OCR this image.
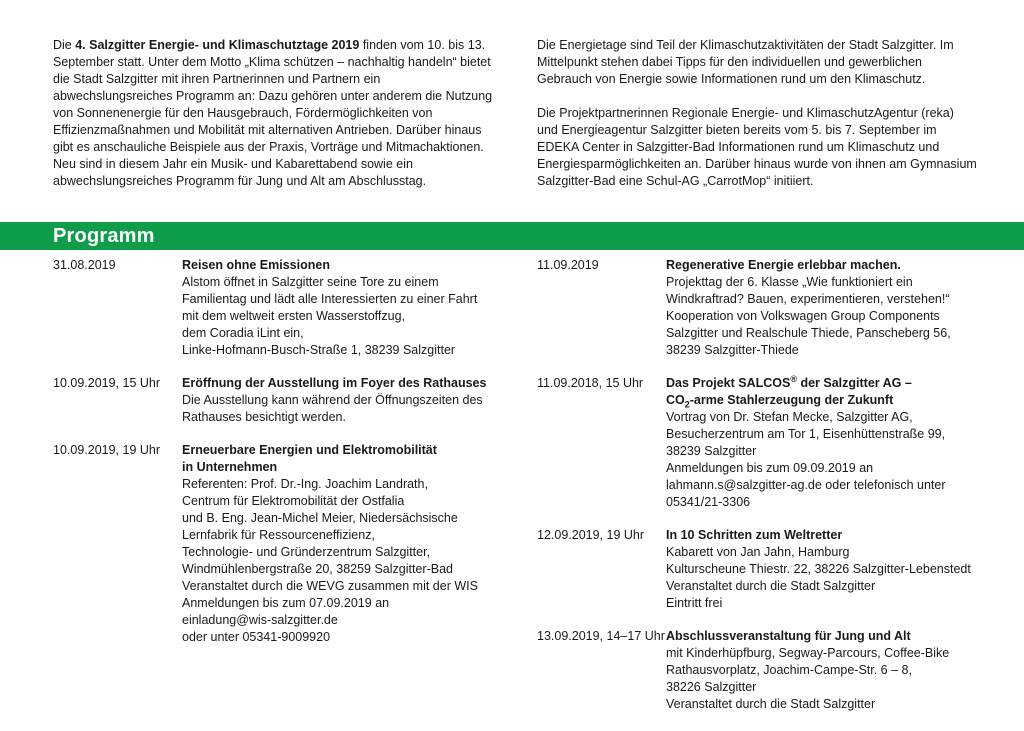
Die 4. Salzgitter Energie- und Klimaschutztage 2019 finden vom 10. bis 13. September statt. Unter dem Motto „Klima schützen – nachhaltig handeln“ bietet die Stadt Salzgitter mit ihren Partnerinnen und Partnern ein abwechslungsreiches Programm an: Dazu gehören unter anderem die Nutzung von Sonnenenergie für den Hausgebrauch, Fördermöglichkeiten von Effizienzmaßnahmen und Mobilität mit alternativen Antrieben. Darüber hinaus gibt es anschauliche Beispiele aus der Praxis, Vorträge und Mitmachaktionen. Neu sind in diesem Jahr ein Musik- und Kabarettabend sowie ein abwechslungsreiches Programm für Jung und Alt am Abschlusstag.

Die Energietage sind Teil der Klimaschutzaktivitäten der Stadt Salzgitter. Im Mittelpunkt stehen dabei Tipps für den individuellen und gewerblichen Gebrauch von Energie sowie Informationen rund um den Klimaschutz.

Die Projektpartnerinnen Regionale Energie- und KlimaschutzAgentur (reka) und Energieagentur Salzgitter bieten bereits vom 5. bis 7. September im EDEKA Center in Salzgitter-Bad Informationen rund um Klimaschutz und Energiesparmöglichkeiten an. Darüber hinaus wurde von ihnen am Gymnasium Salzgitter-Bad eine Schul-AG „CarrotMop“ initiiert.

Programm
31.08.2019	Reisen ohne Emissionen
Alstom öffnet in Salzgitter seine Tore zu einem
Familientag und lädt alle Interessierten zu einer Fahrt
mit dem weltweit ersten Wasserstoffzug,
dem Coradia iLint ein,
Linke-Hofmann-Busch-Straße 1, 38239 Salzgitter
10.09.2019, 15 Uhr	Eröffnung der Ausstellung im Foyer des Rathauses
Die Ausstellung kann während der Öffnungszeiten des
Rathauses besichtigt werden.
10.09.2019, 19 Uhr	Erneuerbare Energien und Elektromobilität
in Unternehmen
Referenten: Prof. Dr.-Ing. Joachim Landrath,
Centrum für Elektromobilität der Ostfalia
und B. Eng. Jean-Michel Meier, Niedersächsische
Lernfabrik für Ressourceneffizienz,
Technologie- und Gründerzentrum Salzgitter,
Windmühlenbergstraße 20, 38259 Salzgitter-Bad
Veranstaltet durch die WEVG zusammen mit der WIS
Anmeldungen bis zum 07.09.2019 an
einladung@wis-salzgitter.de
oder unter 05341-9009920
11.09.2019	Regenerative Energie erlebbar machen.
Projekttag der 6. Klasse „Wie funktioniert ein
Windkraftrad? Bauen, experimentieren, verstehen!“
Kooperation von Volkswagen Group Components
Salzgitter und Realschule Thiede, Panscheberg 56,
38239 Salzgitter-Thiede
11.09.2018, 15 Uhr	Das Projekt SALCOS® der Salzgitter AG –
$CO_2$-arme Stahlerzeugung der Zukunft
Vortrag von Dr. Stefan Mecke, Salzgitter AG,
Besucherzentrum am Tor 1, Eisenhüttenstraße 99,
38239 Salzgitter
Anmeldungen bis zum 09.09.2019 an
lahmann.s@salzgitter-ag.de oder telefonisch unter
05341/21-3306
12.09.2019, 19 Uhr	In 10 Schritten zum Weltretter
Kabarett von Jan Jahn, Hamburg
Kulturscheune Thiestr. 22, 38226 Salzgitter-Lebenstedt
Veranstaltet durch die Stadt Salzgitter
Eintritt frei
13.09.2019, 14–17 Uhr Abschlussveranstaltung für Jung und Alt
mit Kinderhüpfburg, Segway-Parcours, Coffee-Bike
Rathausvorplatz, Joachim-Campe-Str. 6 – 8,
38226 Salzgitter
Veranstaltet durch die Stadt Salzgitter
